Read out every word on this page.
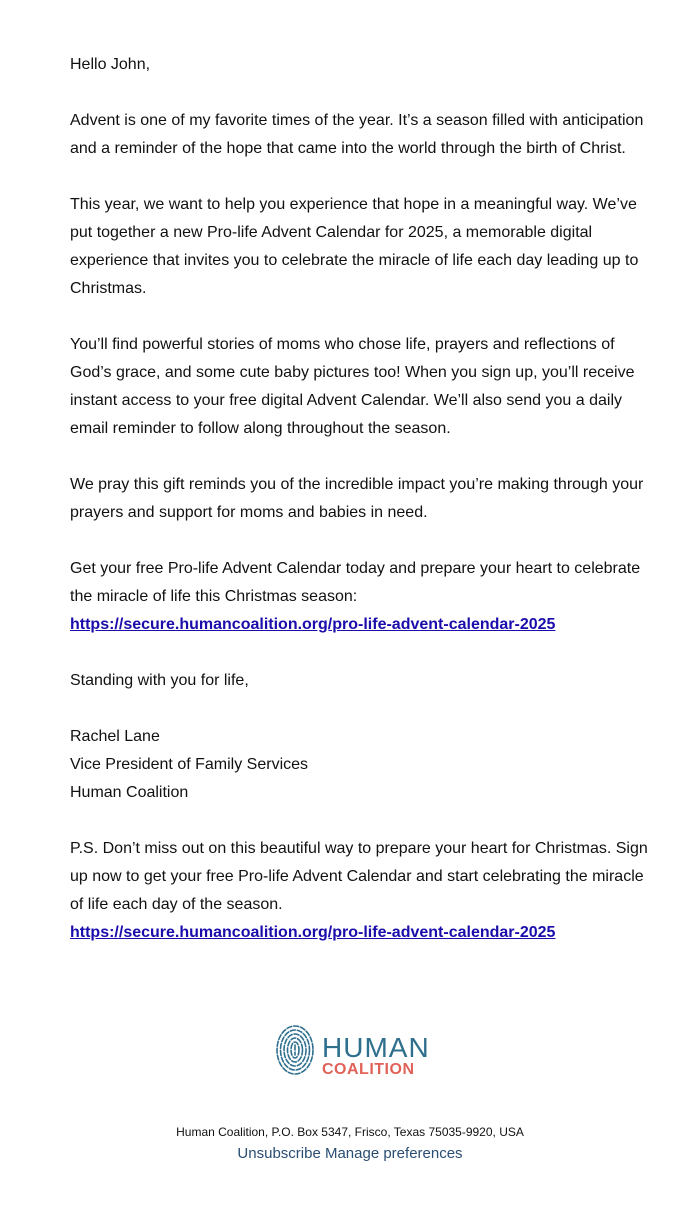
Hello John,

Advent is one of my favorite times of the year. It’s a season filled with anticipation and a reminder of the hope that came into the world through the birth of Christ.

This year, we want to help you experience that hope in a meaningful way. We’ve put together a new Pro-life Advent Calendar for 2025, a memorable digital experience that invites you to celebrate the miracle of life each day leading up to Christmas.

You’ll find powerful stories of moms who chose life, prayers and reflections of God’s grace, and some cute baby pictures too! When you sign up, you’ll receive instant access to your free digital Advent Calendar. We’ll also send you a daily email reminder to follow along throughout the season.

We pray this gift reminds you of the incredible impact you’re making through your prayers and support for moms and babies in need.

Get your free Pro-life Advent Calendar today and prepare your heart to celebrate the miracle of life this Christmas season:
https://secure.humancoalition.org/pro-life-advent-calendar-2025

Standing with you for life,

Rachel Lane
Vice President of Family Services
Human Coalition

P.S. Don’t miss out on this beautiful way to prepare your heart for Christmas. Sign up now to get your free Pro-life Advent Calendar and start celebrating the miracle of life each day of the season.
https://secure.humancoalition.org/pro-life-advent-calendar-2025

HUMAN
COALITION
Human Coalition, P.O. Box 5347, Frisco, Texas 75035-9920, USA
Unsubscribe Manage preferences
